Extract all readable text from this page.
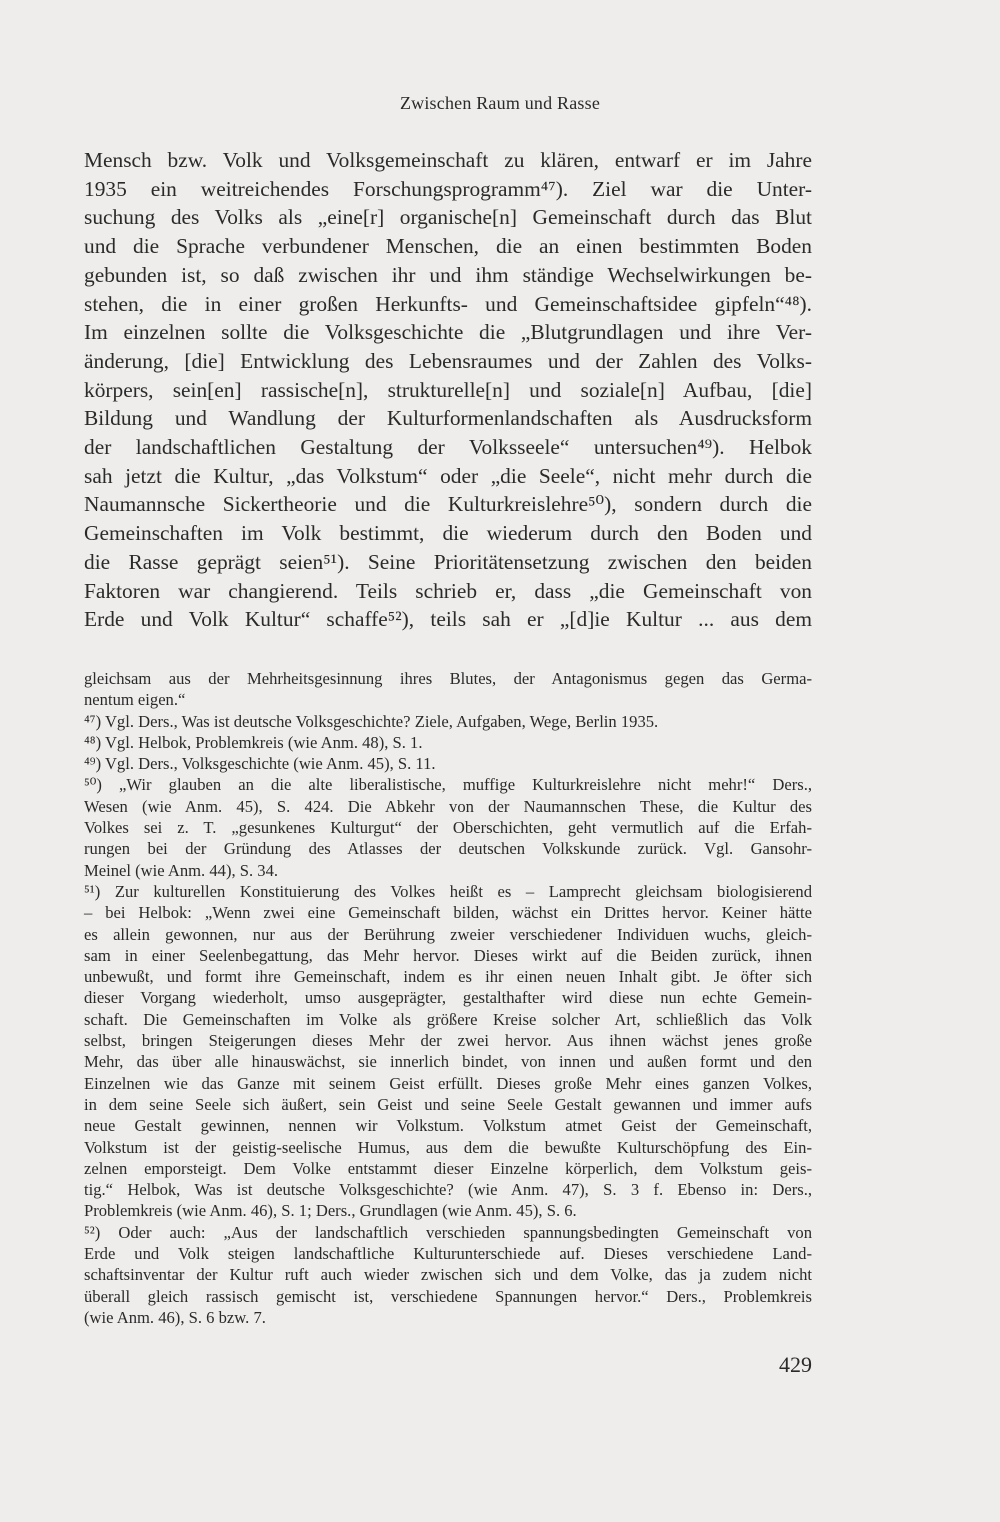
Zwischen Raum und Rasse
Mensch bzw. Volk und Volksgemeinschaft zu klären, entwarf er im Jahre
1935 ein weitreichendes Forschungsprogramm⁴⁷). Ziel war die Unter-
suchung des Volks als „eine[r] organische[n] Gemeinschaft durch das Blut
und die Sprache verbundener Menschen, die an einen bestimmten Boden
gebunden ist, so daß zwischen ihr und ihm ständige Wechselwirkungen be-
stehen, die in einer großen Herkunfts- und Gemeinschaftsidee gipfeln“⁴⁸).
Im einzelnen sollte die Volksgeschichte die „Blutgrundlagen und ihre Ver-
änderung, [die] Entwicklung des Lebensraumes und der Zahlen des Volks-
körpers, sein[en] rassische[n], strukturelle[n] und soziale[n] Aufbau, [die]
Bildung und Wandlung der Kulturformenlandschaften als Ausdrucksform
der landschaftlichen Gestaltung der Volksseele“ untersuchen⁴⁹). Helbok
sah jetzt die Kultur, „das Volkstum“ oder „die Seele“, nicht mehr durch die
Naumannsche Sickertheorie und die Kulturkreislehre⁵⁰), sondern durch die
Gemeinschaften im Volk bestimmt, die wiederum durch den Boden und
die Rasse geprägt seien⁵¹). Seine Prioritätensetzung zwischen den beiden
Faktoren war changierend. Teils schrieb er, dass „die Gemeinschaft von
Erde und Volk Kultur“ schaffe⁵²), teils sah er „[d]ie Kultur ... aus dem
gleichsam aus der Mehrheitsgesinnung ihres Blutes, der Antagonismus gegen das Germa-
nentum eigen.“
⁴⁷) Vgl. Ders., Was ist deutsche Volksgeschichte? Ziele, Aufgaben, Wege, Berlin 1935.
⁴⁸) Vgl. Helbok, Problemkreis (wie Anm. 48), S. 1.
⁴⁹) Vgl. Ders., Volksgeschichte (wie Anm. 45), S. 11.
⁵⁰) „Wir glauben an die alte liberalistische, muffige Kulturkreislehre nicht mehr!“ Ders.,
Wesen (wie Anm. 45), S. 424. Die Abkehr von der Naumannschen These, die Kultur des
Volkes sei z. T. „gesunkenes Kulturgut“ der Oberschichten, geht vermutlich auf die Erfah-
rungen bei der Gründung des Atlasses der deutschen Volkskunde zurück. Vgl. Gansohr-
Meinel (wie Anm. 44), S. 34.
⁵¹) Zur kulturellen Konstituierung des Volkes heißt es – Lamprecht gleichsam biologisierend
– bei Helbok: „Wenn zwei eine Gemeinschaft bilden, wächst ein Drittes hervor. Keiner hätte
es allein gewonnen, nur aus der Berührung zweier verschiedener Individuen wuchs, gleich-
sam in einer Seelenbegattung, das Mehr hervor. Dieses wirkt auf die Beiden zurück, ihnen
unbewußt, und formt ihre Gemeinschaft, indem es ihr einen neuen Inhalt gibt. Je öfter sich
dieser Vorgang wiederholt, umso ausgeprägter, gestalthafter wird diese nun echte Gemein-
schaft. Die Gemeinschaften im Volke als größere Kreise solcher Art, schließlich das Volk
selbst, bringen Steigerungen dieses Mehr der zwei hervor. Aus ihnen wächst jenes große
Mehr, das über alle hinauswächst, sie innerlich bindet, von innen und außen formt und den
Einzelnen wie das Ganze mit seinem Geist erfüllt. Dieses große Mehr eines ganzen Volkes,
in dem seine Seele sich äußert, sein Geist und seine Seele Gestalt gewannen und immer aufs
neue Gestalt gewinnen, nennen wir Volkstum. Volkstum atmet Geist der Gemeinschaft,
Volkstum ist der geistig-seelische Humus, aus dem die bewußte Kulturschöpfung des Ein-
zelnen emporsteigt. Dem Volke entstammt dieser Einzelne körperlich, dem Volkstum geis-
tig.“ Helbok, Was ist deutsche Volksgeschichte? (wie Anm. 47), S. 3 f. Ebenso in: Ders.,
Problemkreis (wie Anm. 46), S. 1; Ders., Grundlagen (wie Anm. 45), S. 6.
⁵²) Oder auch: „Aus der landschaftlich verschieden spannungsbedingten Gemeinschaft von
Erde und Volk steigen landschaftliche Kulturunterschiede auf. Dieses verschiedene Land-
schaftsinventar der Kultur ruft auch wieder zwischen sich und dem Volke, das ja zudem nicht
überall gleich rassisch gemischt ist, verschiedene Spannungen hervor.“ Ders., Problemkreis
(wie Anm. 46), S. 6 bzw. 7.
429
